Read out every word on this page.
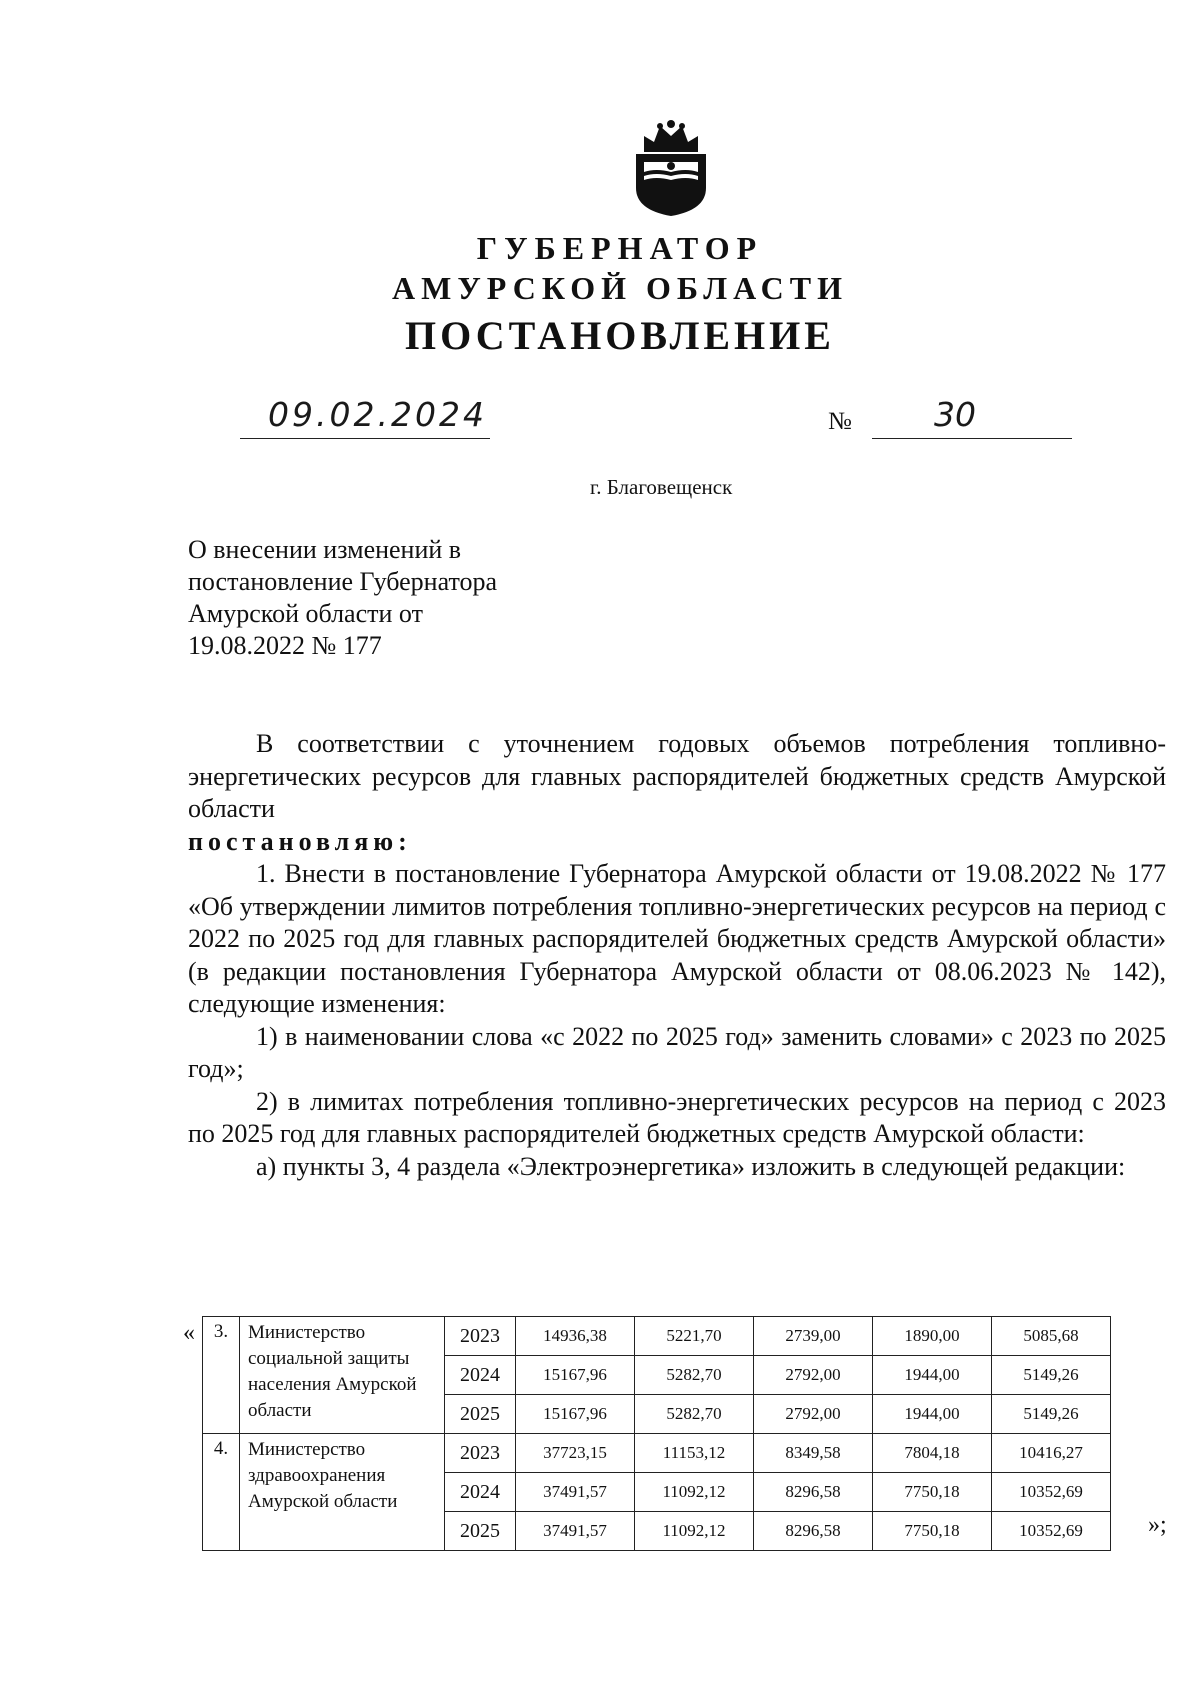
ГУБЕРНАТОР
АМУРСКОЙ ОБЛАСТИ
ПОСТАНОВЛЕНИЕ
09.02.2024	№ 30
г. Благовещенск
О внесении изменений в
постановление Губернатора
Амурской области от
19.08.2022 № 177

В соответствии с уточнением годовых объемов потребления топливно-энергетических ресурсов для главных распорядителей бюджетных средств Амурской области

постановляю:

1. Внести в постановление Губернатора Амурской области от 19.08.2022 № 177 «Об утверждении лимитов потребления топливно-энергетических ресурсов на период с 2022 по 2025 год для главных распорядителей бюджетных средств Амурской области» (в редакции постановления Губернатора Амурской области от 08.06.2023 № 142), следующие изменения:

1) в наименовании слова «с 2022 по 2025 год» заменить словами» с 2023 по 2025 год»;

2) в лимитах потребления топливно-энергетических ресурсов на период с 2023 по 2025 год для главных распорядителей бюджетных средств Амурской области:

а) пункты 3, 4 раздела «Электроэнергетика» изложить в следующей редакции:

« 3.	Министерство социальной защиты населения Амурской области	2023	14936,38	5221,70	2739,00	1890,00	5085,68
		2024	15167,96	5282,70	2792,00	1944,00	5149,26
		2025	15167,96	5282,70	2792,00	1944,00	5149,26
4.	Министерство здравоохранения Амурской области	2023	37723,15	11153,12	8349,58	7804,18	10416,27
		2024	37491,57	11092,12	8296,58	7750,18	10352,69
		2025	37491,57	11092,12	8296,58	7750,18	10352,69	»;
